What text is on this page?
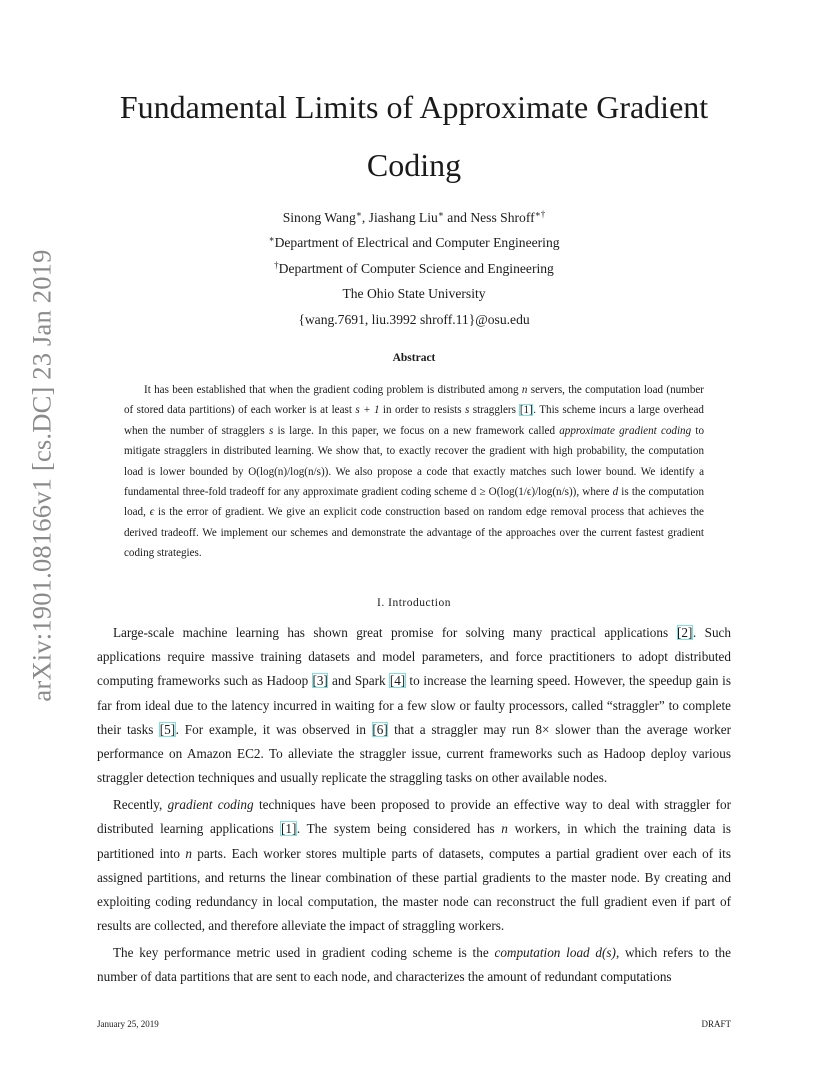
arXiv:1901.08166v1 [cs.DC] 23 Jan 2019
Fundamental Limits of Approximate Gradient
Coding
Sinong Wang∗, Jiashang Liu∗ and Ness Shroff∗†
∗Department of Electrical and Computer Engineering
†Department of Computer Science and Engineering
The Ohio State University
{wang.7691, liu.3992 shroff.11}@osu.edu
Abstract

It has been established that when the gradient coding problem is distributed among n servers, the computation load (number of stored data partitions) of each worker is at least s + 1 in order to resists s stragglers [1]. This scheme incurs a large overhead when the number of stragglers s is large. In this paper, we focus on a new framework called approximate gradient coding to mitigate stragglers in distributed learning. We show that, to exactly recover the gradient with high probability, the computation load is lower bounded by O(log(n)/log(n/s)). We also propose a code that exactly matches such lower bound. We identify a fundamental three-fold tradeoff for any approximate gradient coding scheme d ≥ O(log(1/ϵ)/log(n/s)), where d is the computation load, ϵ is the error of gradient. We give an explicit code construction based on random edge removal process that achieves the derived tradeoff. We implement our schemes and demonstrate the advantage of the approaches over the current fastest gradient coding strategies.

I. Introduction

Large-scale machine learning has shown great promise for solving many practical applications [2]. Such applications require massive training datasets and model parameters, and force practitioners to adopt distributed computing frameworks such as Hadoop [3] and Spark [4] to increase the learning speed. However, the speedup gain is far from ideal due to the latency incurred in waiting for a few slow or faulty processors, called “straggler” to complete their tasks [5]. For example, it was observed in [6] that a straggler may run 8× slower than the average worker performance on Amazon EC2. To alleviate the straggler issue, current frameworks such as Hadoop deploy various straggler detection techniques and usually replicate the straggling tasks on other available nodes.

Recently, gradient coding techniques have been proposed to provide an effective way to deal with straggler for distributed learning applications [1]. The system being considered has n workers, in which the training data is partitioned into n parts. Each worker stores multiple parts of datasets, computes a partial gradient over each of its assigned partitions, and returns the linear combination of these partial gradients to the master node. By creating and exploiting coding redundancy in local computation, the master node can reconstruct the full gradient even if part of results are collected, and therefore alleviate the impact of straggling workers.

The key performance metric used in gradient coding scheme is the computation load d(s), which refers to the number of data partitions that are sent to each node, and characterizes the amount of redundant computations

January 25, 2019	DRAFT
